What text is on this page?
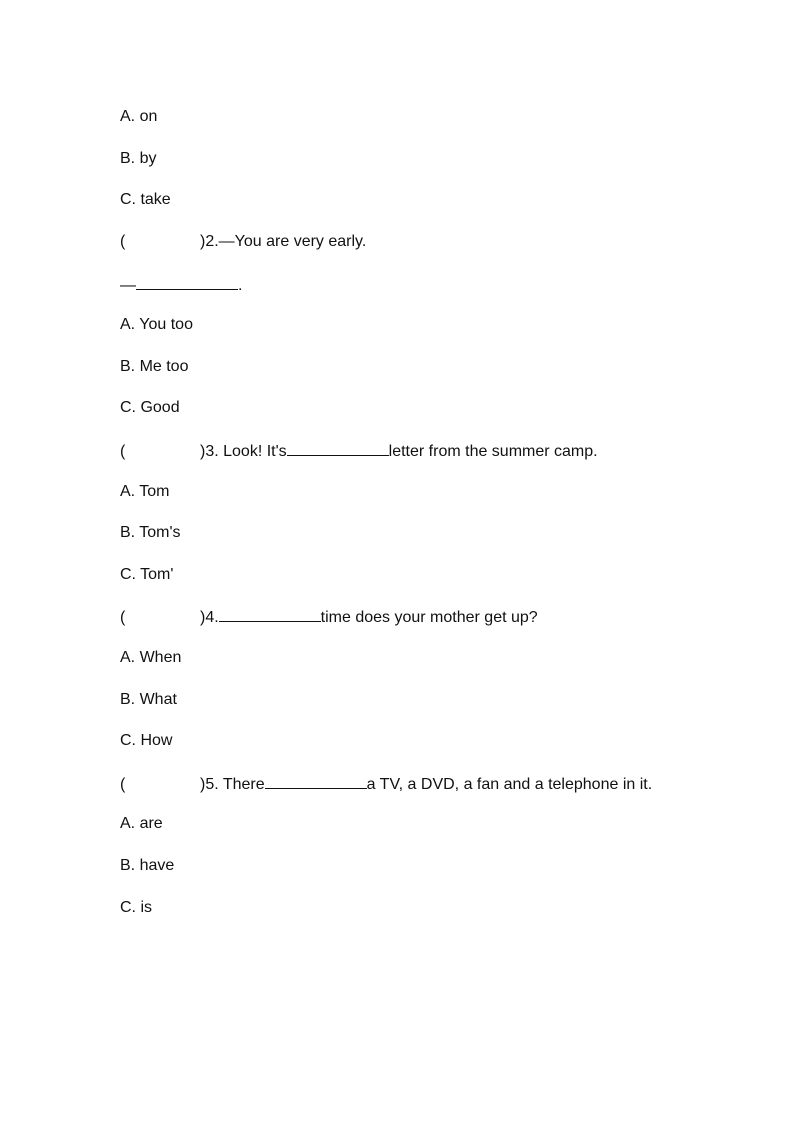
A. on
B. by
C. take
(	)2.—You are very early.
—	.
A. You too
B. Me too
C. Good
(	)3. Look! It's	letter from the summer camp.
A. Tom
B. Tom's
C. Tom'
(	)4.	time does your mother get up?
A. When
B. What
C. How
(	)5. There	a TV, a DVD, a fan and a telephone in it.
A. are
B. have
C. is
